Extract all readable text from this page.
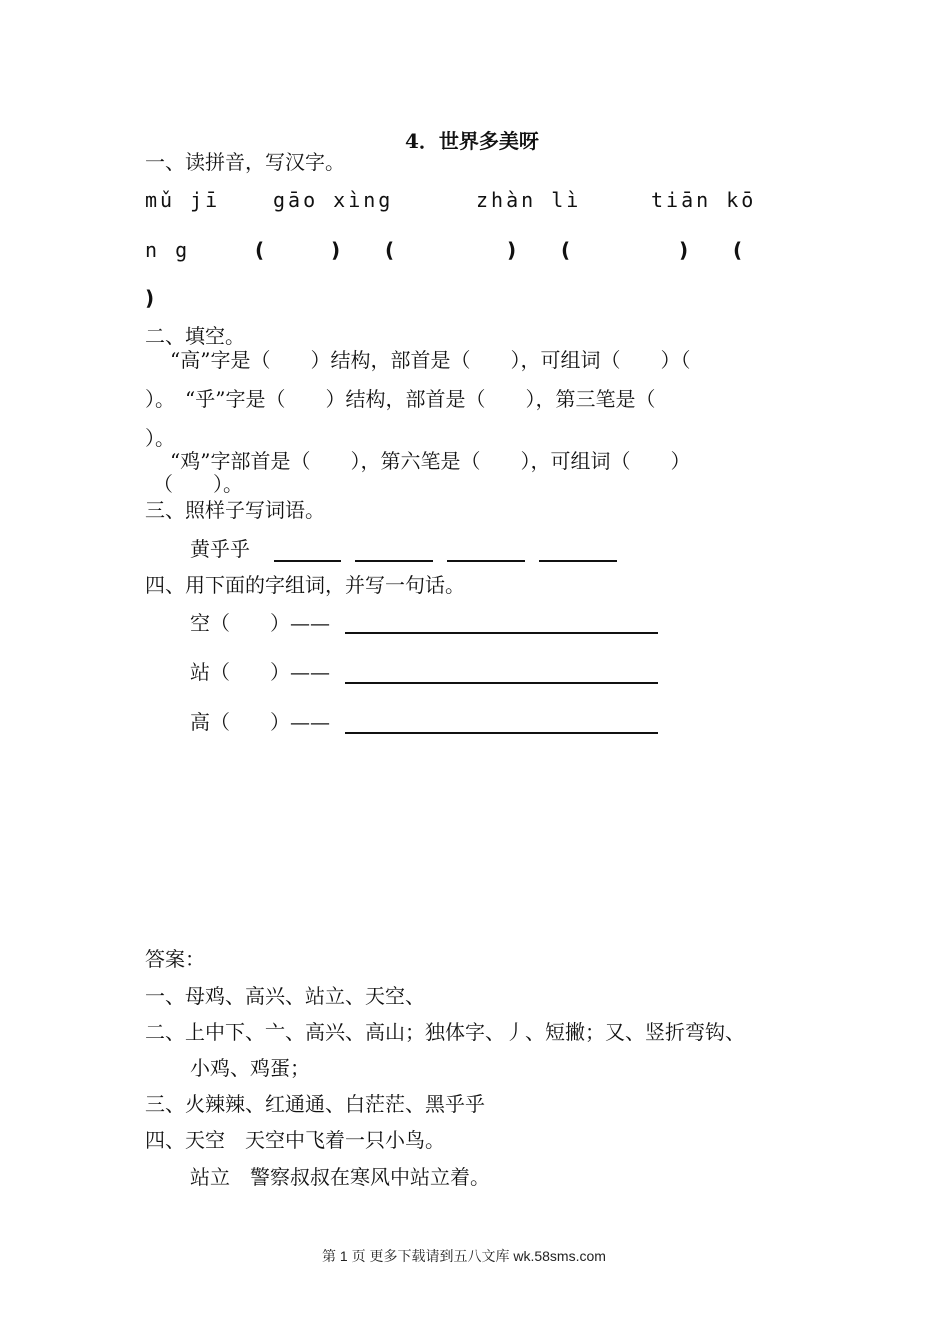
4．世界多美呀
一、读拼音，写汉字。
mǔ jī	gāo xìng	zhàn lì	tiān kō
n g	(	) (	) (	) (
)
二、填空。
“高”字是（　　）结构，部首是（　　），可组词（　　）（
）。　“乎”字是（　　）结构，部首是（　　），第三笔是（
）。
“鸡”字部首是（　　），第六笔是（　　），可组词（　　）
（　　）。
三、照样子写词语。
黄乎乎
四、用下面的字组词，并写一句话。
空（　　）——
站（　　）——
高（　　）——
答案：
一、母鸡、高兴、站立、天空、
二、上中下、亠、高兴、高山；独体字、丿、短撇；又、竖折弯钩、
小鸡、鸡蛋；
三、火辣辣、红通通、白茫茫、黑乎乎
四、天空　天空中飞着一只小鸟。
站立　警察叔叔在寒风中站立着。
第 1 页 更多下载请到五八文库 wk.58sms.com
